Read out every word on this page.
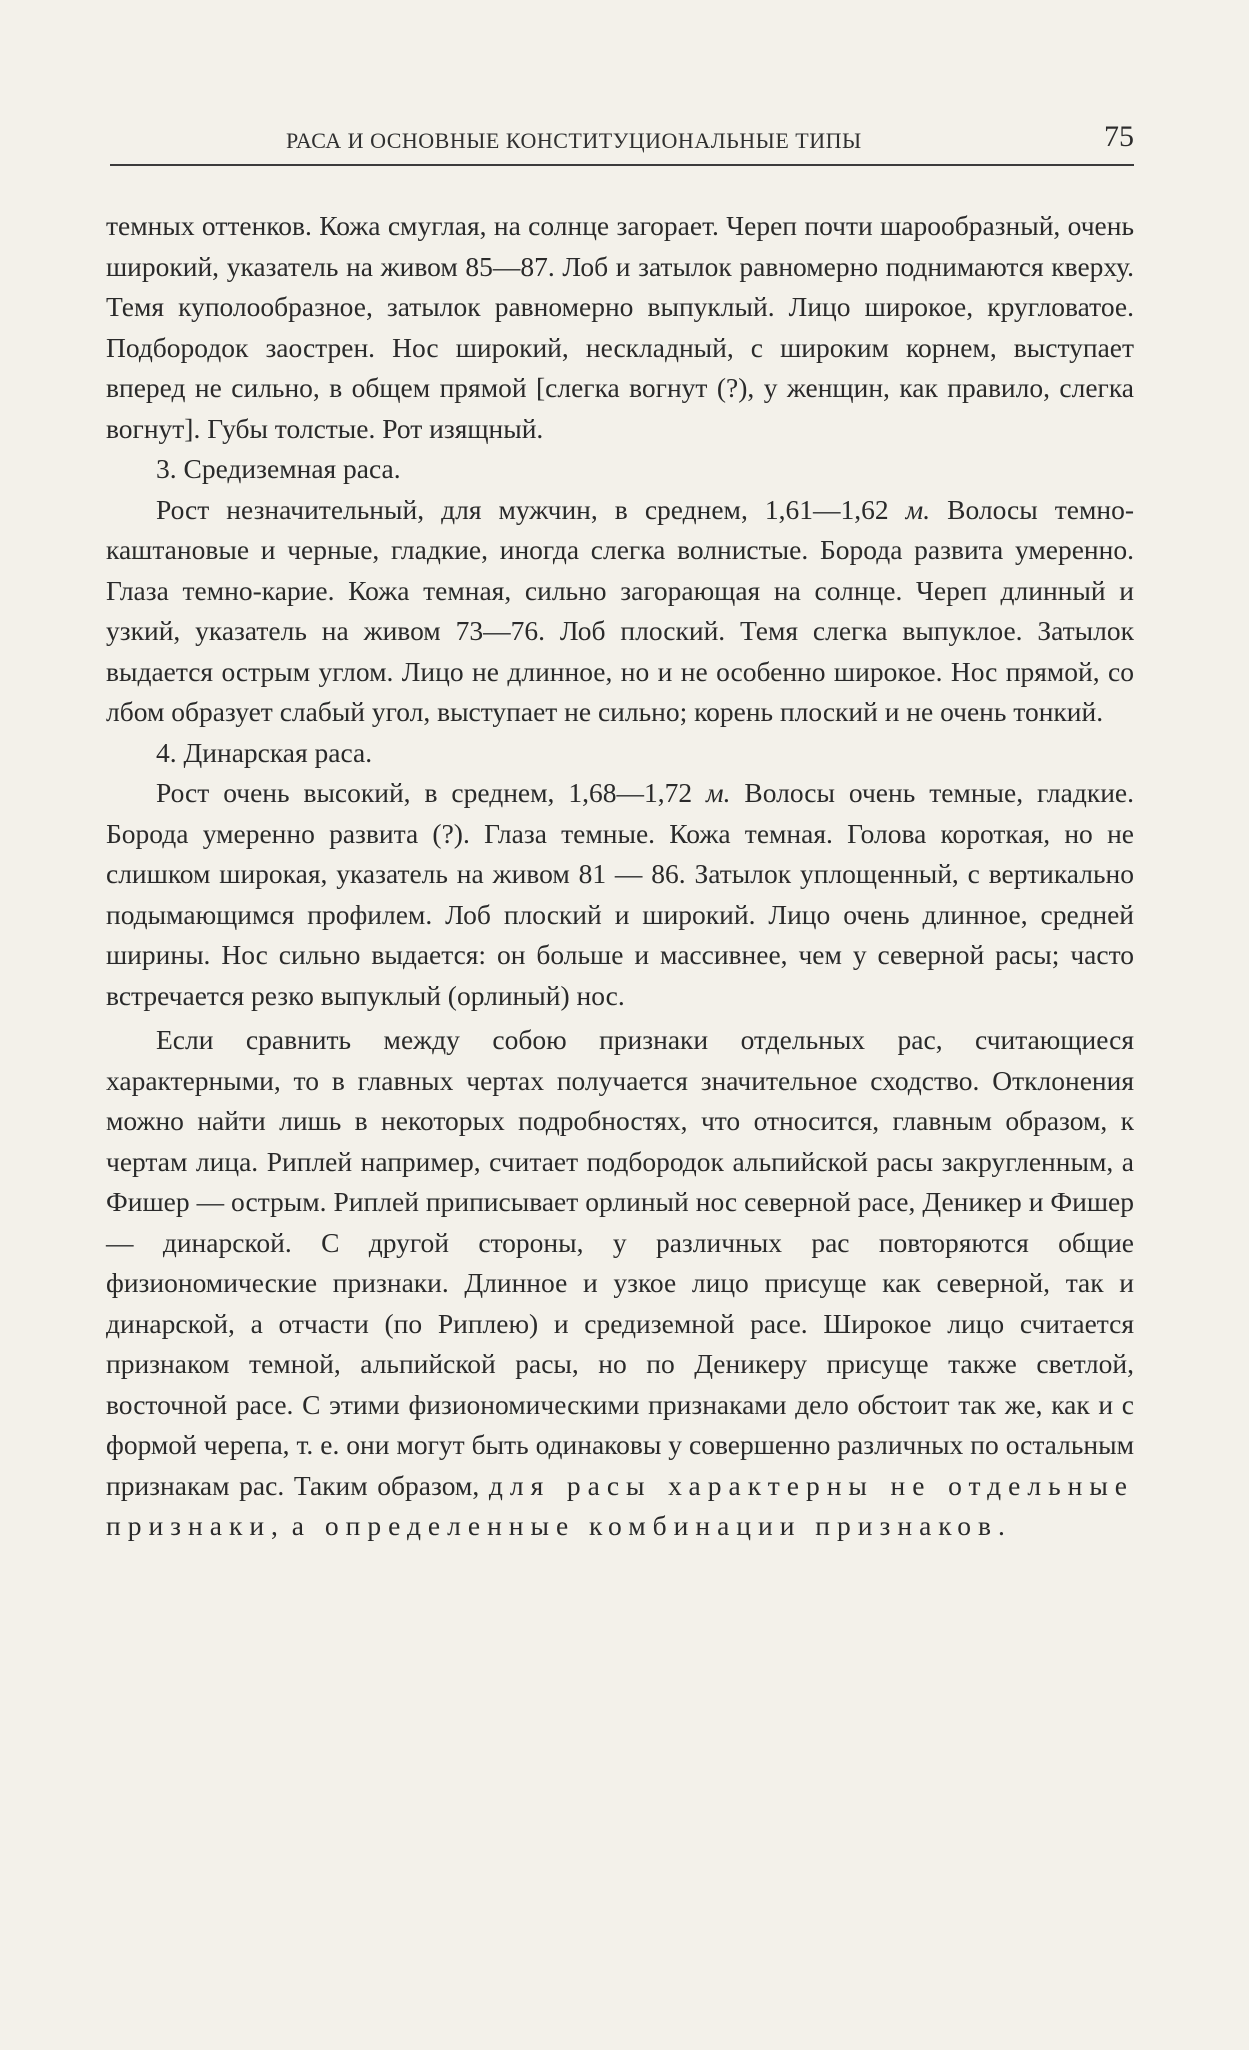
РАСА И ОСНОВНЫЕ КОНСТИТУЦИОНАЛЬНЫЕ ТИПЫ	75

темных оттенков. Кожа смуглая, на солнце загорает. Череп почти шарообразный, очень широкий, указатель на живом 85—87. Лоб и затылок равномерно поднимаются кверху. Темя куполообразное, затылок равномерно выпуклый. Лицо широкое, кругловатое. Подбородок заострен. Нос широкий, нескладный, с широким корнем, выступает вперед не сильно, в общем прямой [слегка вогнут (?), у женщин, как правило, слегка вогнут]. Губы толстые. Рот изящный.

3. Средиземная раса.

Рост незначительный, для мужчин, в среднем, 1,61—1,62 м. Волосы темно-каштановые и черные, гладкие, иногда слегка волнистые. Борода развита умеренно. Глаза темно-карие. Кожа темная, сильно загорающая на солнце. Череп длинный и узкий, указатель на живом 73—76. Лоб плоский. Темя слегка выпуклое. Затылок выдается острым углом. Лицо не длинное, но и не особенно широкое. Нос прямой, со лбом образует слабый угол, выступает не сильно; корень плоский и не очень тонкий.

4. Динарская раса.

Рост очень высокий, в среднем, 1,68—1,72 м. Волосы очень темные, гладкие. Борода умеренно развита (?). Глаза темные. Кожа темная. Голова короткая, но не слишком широкая, указатель на живом 81 — 86. Затылок уплощенный, с вертикально подымающимся профилем. Лоб плоский и широкий. Лицо очень длинное, средней ширины. Нос сильно выдается: он больше и массивнее, чем у северной расы; часто встречается резко выпуклый (орлиный) нос.

Если сравнить между собою признаки отдельных рас, считающиеся характерными, то в главных чертах получается значительное сходство. Отклонения можно найти лишь в некоторых подробностях, что относится, главным образом, к чертам лица. Риплей например, считает подбородок альпийской расы закругленным, а Фишер — острым. Риплей приписывает орлиный нос северной расе, Деникер и Фишер — динарской. С другой стороны, у различных рас повторяются общие физиономические признаки. Длинное и узкое лицо присуще как северной, так и динарской, а отчасти (по Риплею) и средиземной расе. Широкое лицо считается признаком темной, альпийской расы, но по Деникеру присуще также светлой, восточной расе. С этими физиономическими признаками дело обстоит так же, как и с формой черепа, т. е. они могут быть одинаковы у совершенно различных по остальным признакам рас. Таким образом, для расы характерны не отдельные признаки, а определенные комбинации признаков.
